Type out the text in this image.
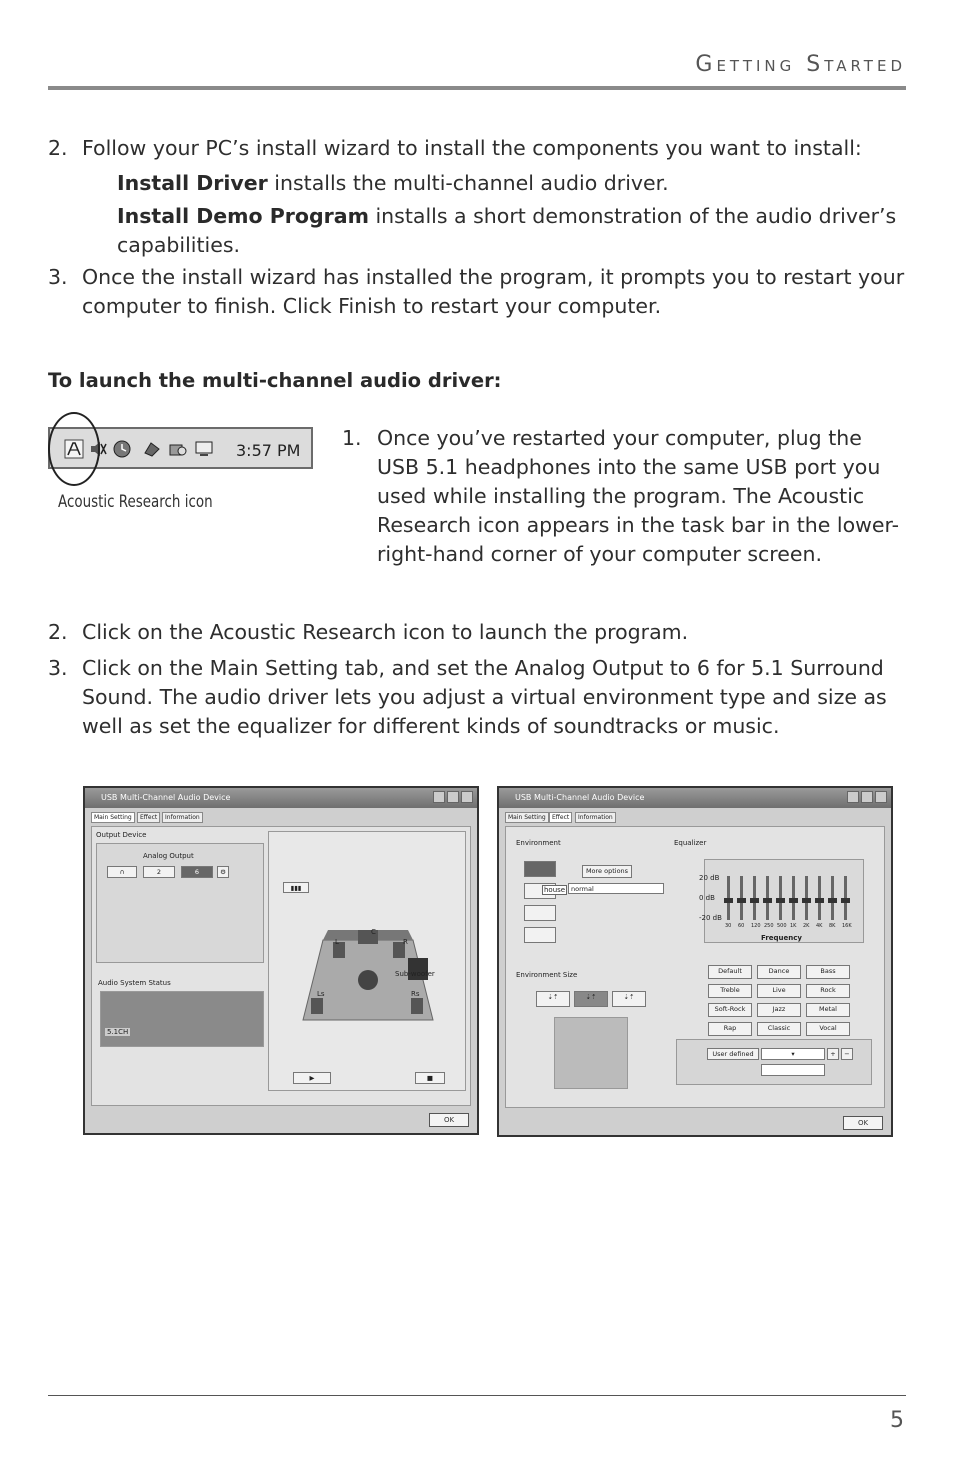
Getting Started
2. Follow your PC’s install wizard to install the components you want to install:
Install Driver installs the multi-channel audio driver.
Install Demo Program installs a short demonstration of the audio driver’s capabilities.
3. Once the install wizard has installed the program, it prompts you to restart your computer to finish. Click Finish to restart your computer.
To launch the multi-channel audio driver:
3:57 PM
Acoustic Research icon
1. Once you’ve restarted your computer, plug the USB 5.1 headphones into the same USB port you used while installing the program. The Acoustic Research icon appears in the task bar in the lower-right-hand corner of your computer screen.
2. Click on the Acoustic Research icon to launch the program.
3. Click on the Main Setting tab, and set the Analog Output to 6 for 5.1 Surround Sound. The audio driver lets you adjust a virtual environment type and size as well as set the equalizer for different kinds of soundtracks or music.
USB Multi-Channel Audio Device
Main Setting	Effect	Information
Output Device
Analog Output
∩	2	6	⚙
Audio System Status
5.1CH
L	R
C
Ls	Rs
Sub-woofer
▮▮▮
▶	■
OK
USB Multi-Channel Audio Device
Main Setting	Effect	Information
Environment
house
More options
normal
Environment Size
⇣⇡	⇣⇡	⇣⇡
Equalizer
20 dB
0 dB
-20 dB
30 60 120 250 500 1K 2K 4K 8K 16K
Frequency
Default	Dance	Bass
Treble	Live	Rock
Soft-Rock	Jazz	Metal
Rap	Classic	Vocal
User defined	▾	+	−
OK
5
